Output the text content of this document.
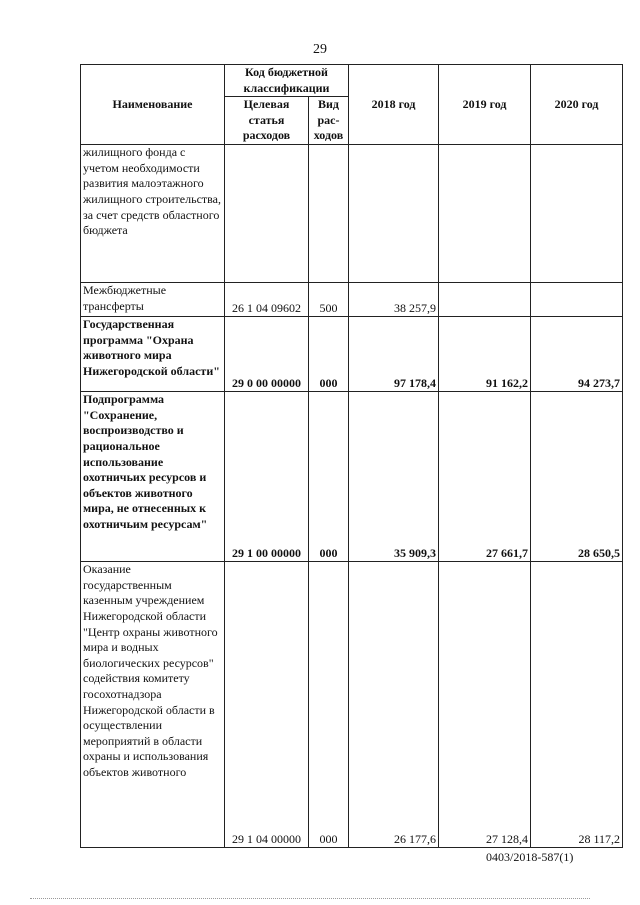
29
Наименование	Код бюджетной классификации		2018 год	2019 год	2020 год
	Целевая статья расходов	Вид рас- ходов			
жилищного фонда с учетом необходимости развития малоэтажного жилищного строительства, за счет средств областного бюджета					
Межбюджетные трансферты	26 1 04 09602	500	38 257,9		
Государственная программа "Охрана животного мира Нижегородской области"	29 0 00 00000	000	97 178,4	91 162,2	94 273,7
Подпрограмма "Сохранение, воспроизводство и рациональное использование охотничьих ресурсов и объектов животного мира, не отнесенных к охотничьим ресурсам"	29 1 00 00000	000	35 909,3	27 661,7	28 650,5
Оказание государственным казенным учреждением Нижегородской области "Центр охраны животного мира и водных биологических ресурсов" содействия комитету госохотнадзора Нижегородской области в осуществлении мероприятий в области охраны и использования объектов животного	29 1 04 00000	000	26 177,6	27 128,4	28 117,2
0403/2018-587(1)
